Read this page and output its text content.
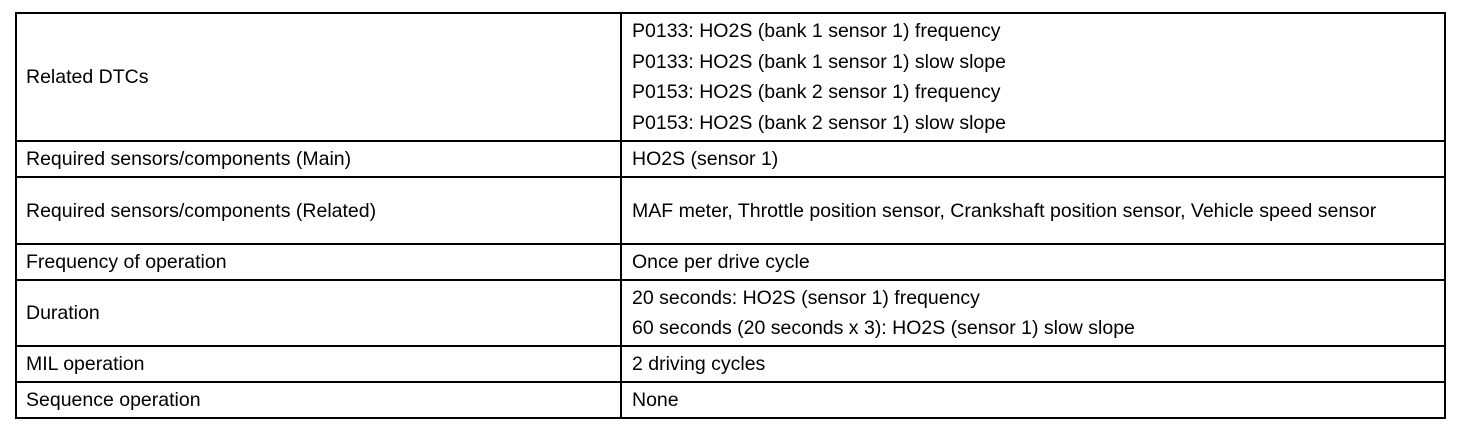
Related DTCs	P0133: HO2S (bank 1 sensor 1) frequency
P0133: HO2S (bank 1 sensor 1) slow slope
P0153: HO2S (bank 2 sensor 1) frequency
P0153: HO2S (bank 2 sensor 1) slow slope

Required sensors/components (Main)	HO2S (sensor 1)

Required sensors/components (Related)	MAF meter, Throttle position sensor, Crankshaft position sensor, Vehicle speed sensor

Frequency of operation	Once per drive cycle

Duration	20 seconds: HO2S (sensor 1) frequency
60 seconds (20 seconds x 3): HO2S (sensor 1) slow slope

MIL operation	2 driving cycles

Sequence operation	None
